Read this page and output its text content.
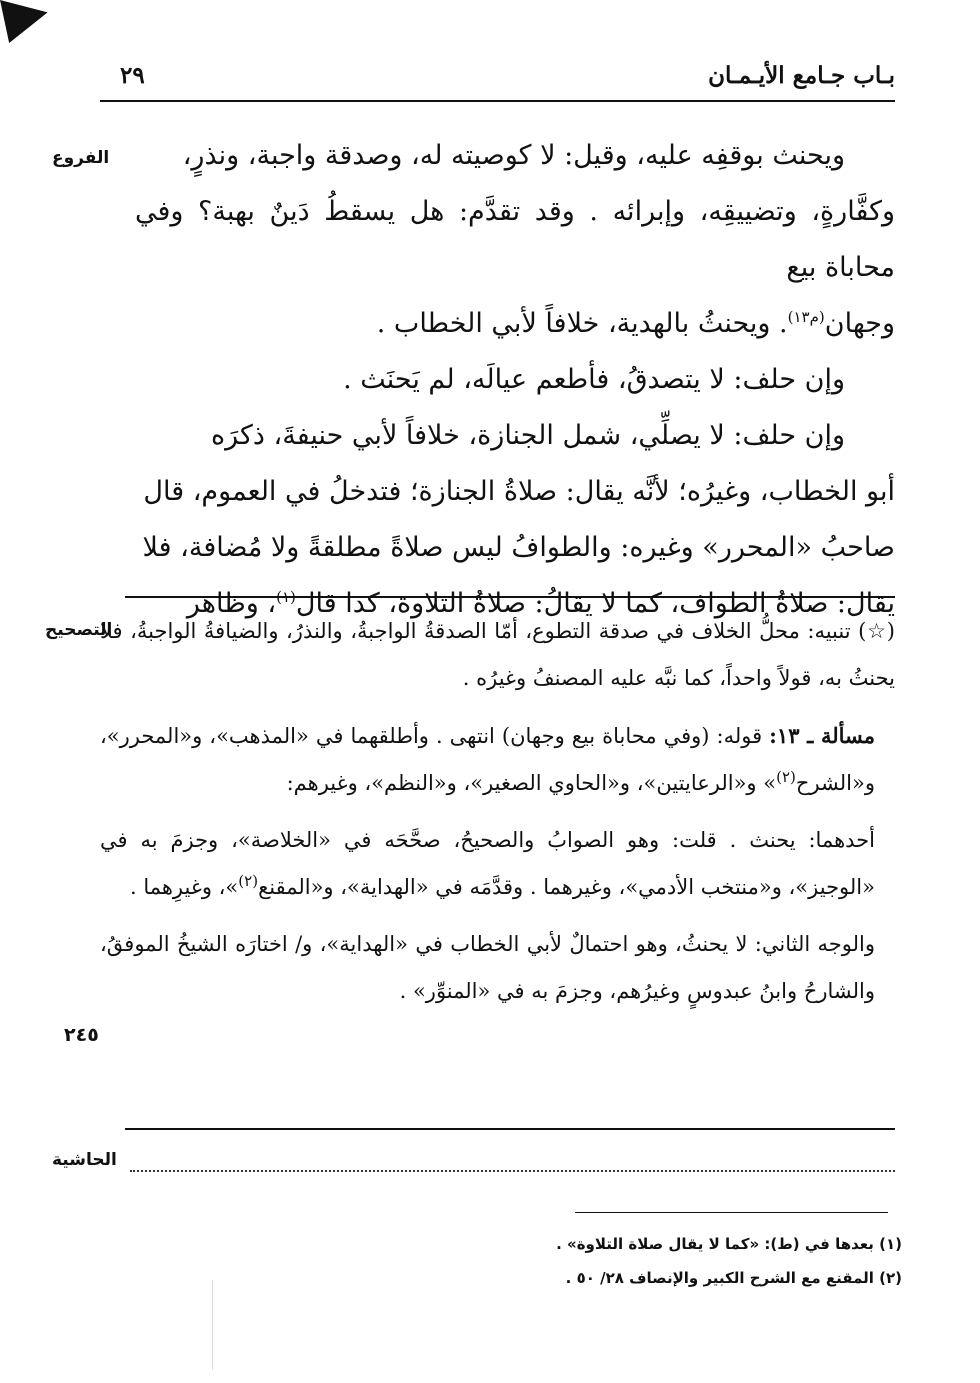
بـاب جـامع الأيـمـان
٢٩
الفروع	ويحنث بوقفِه عليه، وقيل: لا كوصيته له، وصدقة واجبة، ونذرٍ،

وكفَّارةٍ، وتضييقِه، وإبرائه . وقد تقدَّم: هل يسقطُ دَينٌ بهبة؟ وفي محاباة بيع

وجهان$^{(م١٣)}$. ويحنثُ بالهدية، خلافاً لأبي الخطاب .

وإن حلف: لا يتصدقُ، فأطعم عيالَه، لم يَحنَث .

وإن حلف: لا يصلِّي، شمل الجنازة، خلافاً لأبي حنيفةَ، ذكرَه

أبو الخطاب، وغيرُه؛ لأنَّه يقال: صلاةُ الجنازة؛ فتدخلُ في العموم، قال

صاحبُ «المحرر» وغيره: والطوافُ ليس صلاةً مطلقةً ولا مُضافة، فلا

يقال: صلاةُ الطواف، كما لا يقالُ: صلاةُ التلاوة، كذا قال$^{(١)}$، وظاهر

التصحيح
٢٤٥

(☆) تنبيه: محلُّ الخلاف في صدقة التطوع، أمّا الصدقةُ الواجبةُ، والنذرُ، والضيافةُ الواجبةُ، فلا يحنثُ به، قولاً واحداً، كما نبَّه عليه المصنفُ وغيرُه .

مسألة ـ ١٣: قوله: (وفي محاباة بيع وجهان) انتهى . وأطلقهما في «المذهب»، و«المحرر»، و«الشرح$^{(٢)}$» و«الرعايتين»، و«الحاوي الصغير»، و«النظم»، وغيرهم:

أحدهما: يحنث . قلت: وهو الصوابُ والصحيحُ، صحَّحَه في «الخلاصة»، وجزمَ به في «الوجيز»، و«منتخب الأدمي»، وغيرهما . وقدَّمَه في «الهداية»، و«المقنع$^{(٢)}$»، وغيرِهما .

والوجه الثاني: لا يحنثُ، وهو احتمالٌ لأبي الخطاب في «الهداية»، و/ اختارَه الشيخُ الموفقُ، والشارحُ وابنُ عبدوسٍ وغيرُهم، وجزمَ به في «المنوِّر» .

الحاشية

(١) بعدها في (ط): «كما لا يقال صلاة التلاوة» .

(٢) المقنع مع الشرح الكبير والإنصاف ٢٨/ ٥٠ .
